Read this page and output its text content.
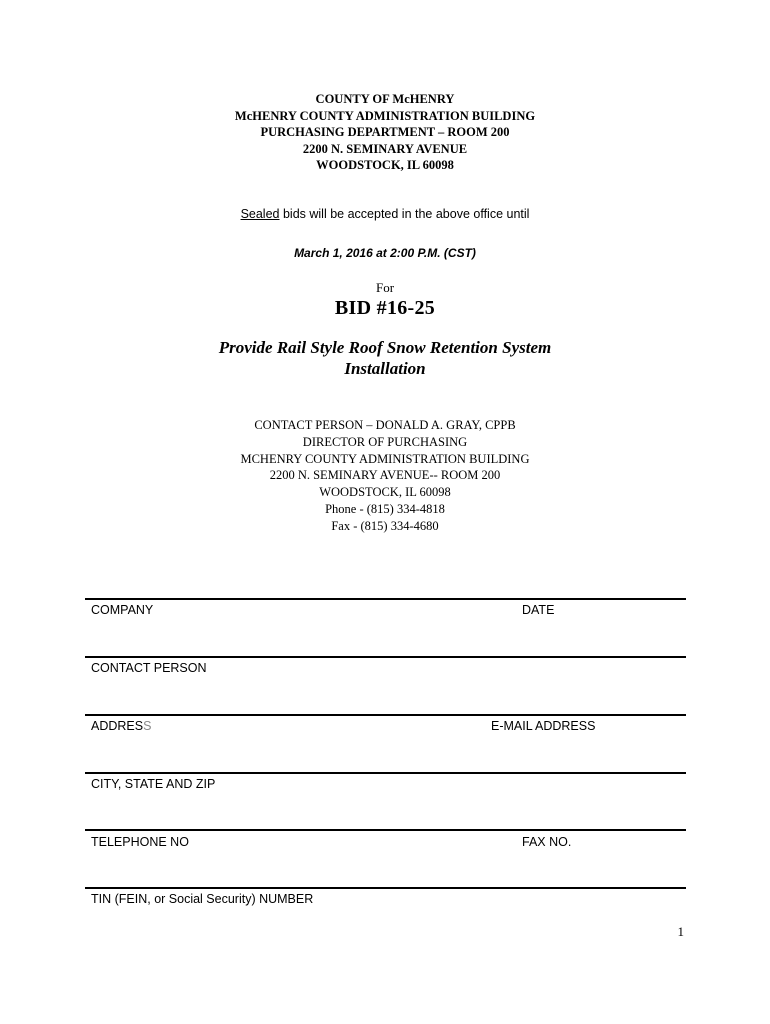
COUNTY OF McHENRY
McHENRY COUNTY ADMINISTRATION BUILDING
PURCHASING DEPARTMENT – ROOM 200
2200 N. SEMINARY AVENUE
WOODSTOCK, IL 60098
Sealed bids will be accepted in the above office until
March 1, 2016 at 2:00 P.M. (CST)
For
BID #16-25
Provide Rail Style Roof Snow Retention System
Installation
CONTACT PERSON – DONALD A. GRAY, CPPB
DIRECTOR OF PURCHASING
MCHENRY COUNTY ADMINISTRATION BUILDING
2200 N. SEMINARY AVENUE-- ROOM 200
WOODSTOCK, IL 60098
Phone - (815) 334-4818
Fax - (815) 334-4680
COMPANY	DATE
CONTACT PERSON
ADDRESS	E-MAIL ADDRESS
CITY, STATE AND ZIP
TELEPHONE NO	FAX NO.
TIN (FEIN, or Social Security) NUMBER
1
